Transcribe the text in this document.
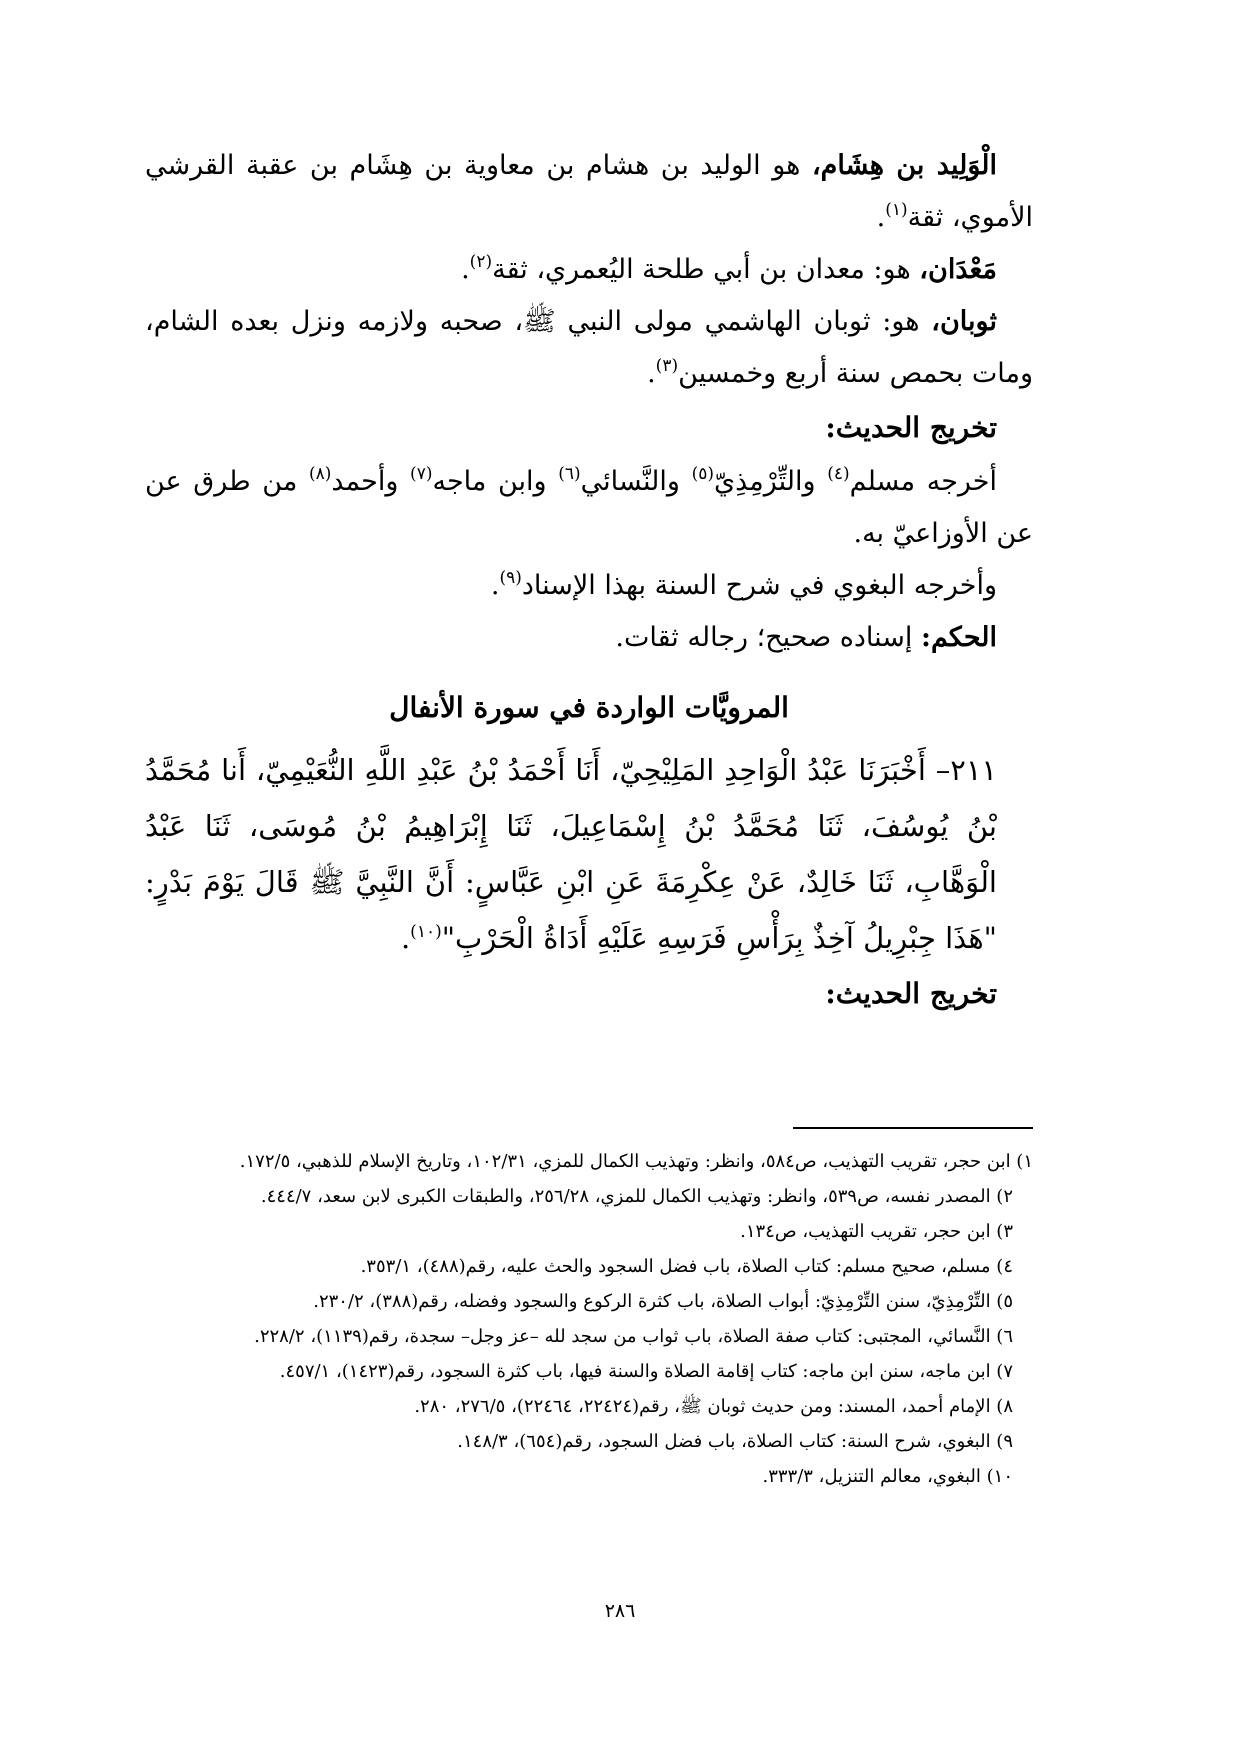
الْوَلِيد بن هِشَام، هو الوليد بن هشام بن معاوية بن هِشَام بن عقبة القرشي الأموي، ثقة$^{(١)}$.

مَعْدَان، هو: معدان بن أبي طلحة اليُعمري، ثقة$^{(٢)}$.

ثوبان، هو: ثوبان الهاشمي مولى النبي ﷺ، صحبه ولازمه ونزل بعده الشام، ومات بحمص سنة أربع وخمسين$^{(٣)}$.

تخريج الحديث:

أخرجه مسلم$^{(٤)}$ والتِّرْمِذِيّ$^{(٥)}$ والنَّسائي$^{(٦)}$ وابن ماجه$^{(٧)}$ وأحمد$^{(٨)}$ من طرق عن عن الأوزاعيّ به.

وأخرجه البغوي في شرح السنة بهذا الإسناد$^{(٩)}$.

الحكم: إسناده صحيح؛ رجاله ثقات.

المرويَّات الواردة في سورة الأنفال

٢١١– أَخْبَرَنَا عَبْدُ الْوَاحِدِ المَلِيْحِيّ، أَنَا أَحْمَدُ بْنُ عَبْدِ اللَّهِ النُّعَيْمِيّ، أَنا مُحَمَّدُ بْنُ يُوسُفَ، ثَنَا مُحَمَّدُ بْنُ إِسْمَاعِيلَ، ثَنَا إِبْرَاهِيمُ بْنُ مُوسَى، ثَنَا عَبْدُ الْوَهَّابِ، ثَنَا خَالِدٌ، عَنْ عِكْرِمَةَ عَنِ ابْنِ عَبَّاسٍ: أَنَّ النَّبِيَّ ﷺ قَالَ يَوْمَ بَدْرٍ: "هَذَا جِبْرِيلُ آخِذٌ بِرَأْسِ فَرَسِهِ عَلَيْهِ أَدَاةُ الْحَرْبِ"$^{(١٠)}$.

تخريج الحديث:

١) ابن حجر، تقريب التهذيب، ص٥٨٤، وانظر: وتهذيب الكمال للمزي، ١٠٢/٣١، وتاريخ الإسلام للذهبي، ١٧٢/٥.

٢) المصدر نفسه، ص٥٣٩، وانظر: وتهذيب الكمال للمزي، ٢٥٦/٢٨، والطبقات الكبرى لابن سعد، ٤٤٤/٧.

٣) ابن حجر، تقريب التهذيب، ص١٣٤.

٤) مسلم، صحيح مسلم: كتاب الصلاة، باب فضل السجود والحث عليه، رقم(٤٨٨)، ٣٥٣/١.

٥) التِّرْمِذِيّ، سنن التِّرْمِذِيّ: أبواب الصلاة، باب كثرة الركوع والسجود وفضله، رقم(٣٨٨)، ٢٣٠/٢.

٦) النَّسائي، المجتبى: كتاب صفة الصلاة، باب ثواب من سجد لله –عز وجل– سجدة، رقم(١١٣٩)، ٢٢٨/٢.

٧) ابن ماجه، سنن ابن ماجه: كتاب إقامة الصلاة والسنة فيها، باب كثرة السجود، رقم(١٤٢٣)، ٤٥٧/١.

٨) الإمام أحمد، المسند: ومن حديث ثوبان ﷺ، رقم(٢٢٤٢٤، ٢٢٤٦٤)، ٢٧٦/٥، ٢٨٠.

٩) البغوي، شرح السنة: كتاب الصلاة، باب فضل السجود، رقم(٦٥٤)، ١٤٨/٣.

١٠) البغوي، معالم التنزيل، ٣٣٣/٣.

٢٨٦
